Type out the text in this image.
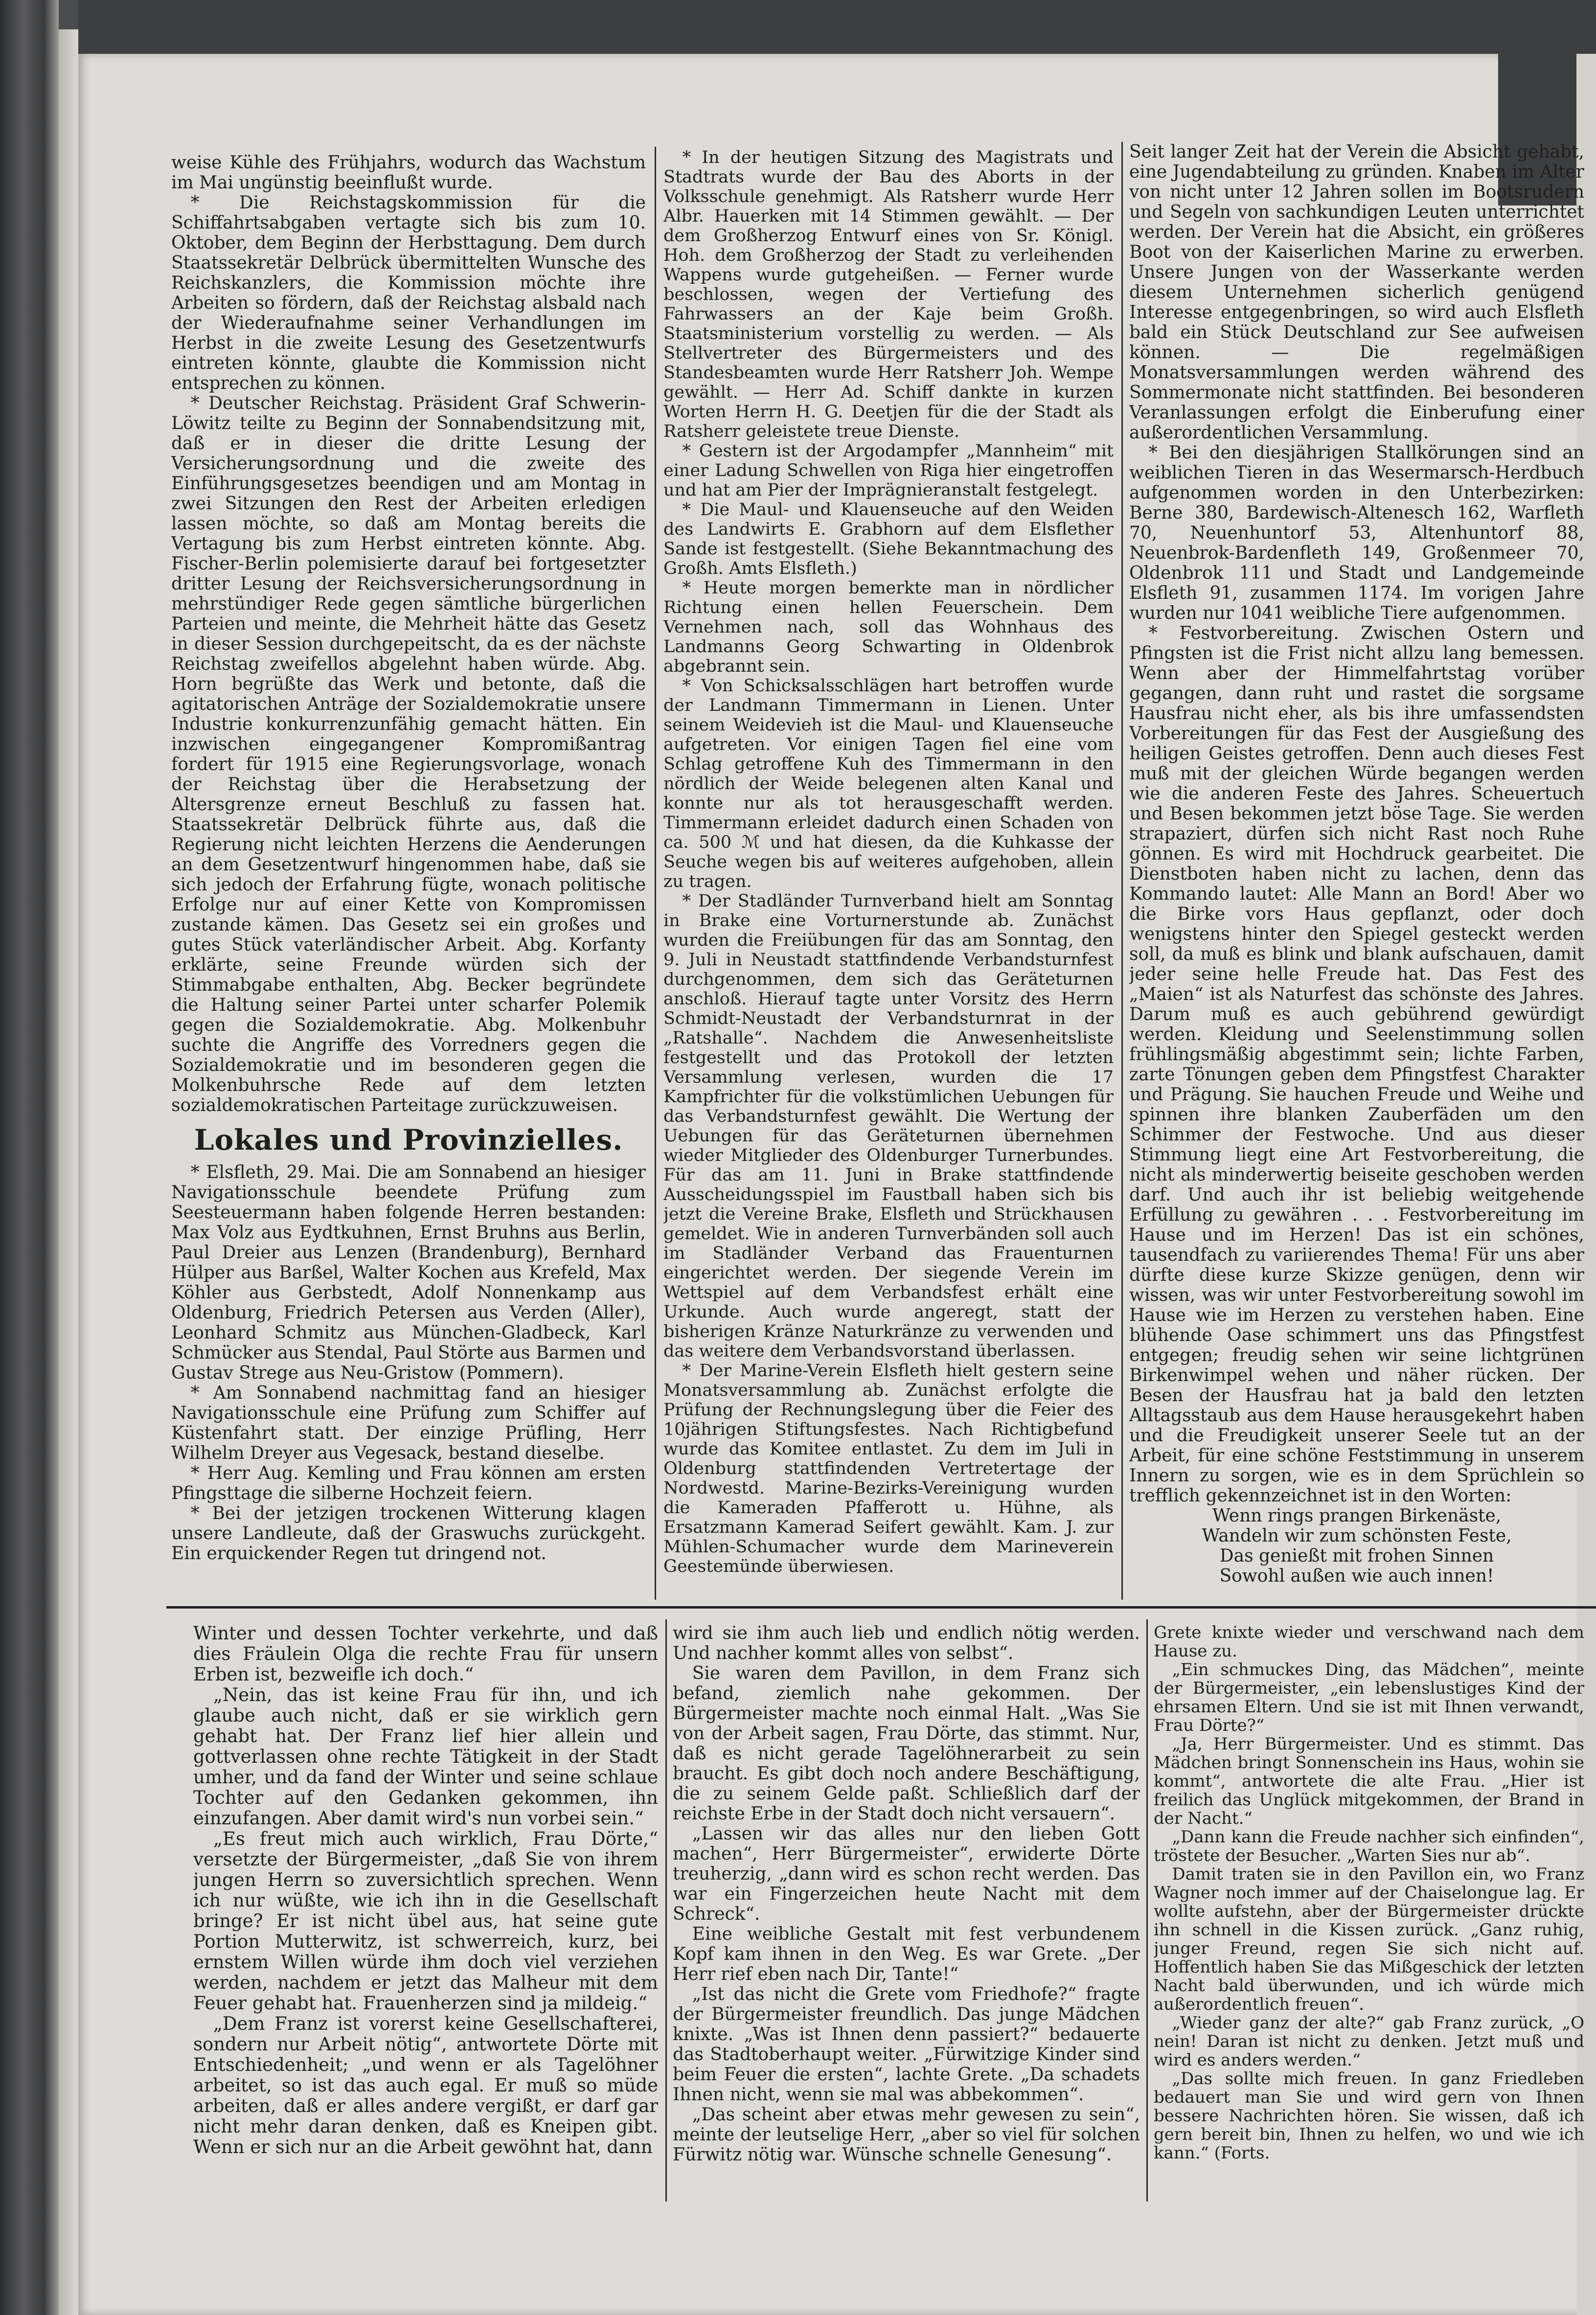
weise Kühle des Frühjahrs, wodurch das Wachstum im Mai ungünstig beeinflußt wurde.

* Die Reichstagskommission für die Schiffahrtsabgaben vertagte sich bis zum 10. Oktober, dem Beginn der Herbsttagung. Dem durch Staatssekretär Delbrück übermittelten Wunsche des Reichskanzlers, die Kommission möchte ihre Arbeiten so fördern, daß der Reichstag alsbald nach der Wiederaufnahme seiner Verhandlungen im Herbst in die zweite Lesung des Gesetzentwurfs eintreten könnte, glaubte die Kommission nicht entsprechen zu können.

* Deutscher Reichstag. Präsident Graf Schwerin-Löwitz teilte zu Beginn der Sonnabendsitzung mit, daß er in dieser die dritte Lesung der Versicherungsordnung und die zweite des Einführungsgesetzes beendigen und am Montag in zwei Sitzungen den Rest der Arbeiten erledigen lassen möchte, so daß am Montag bereits die Vertagung bis zum Herbst eintreten könnte. Abg. Fischer-Berlin polemisierte darauf bei fortgesetzter dritter Lesung der Reichsversicherungsordnung in mehrstündiger Rede gegen sämtliche bürgerlichen Parteien und meinte, die Mehrheit hätte das Gesetz in dieser Session durchgepeitscht, da es der nächste Reichstag zweifellos abgelehnt haben würde. Abg. Horn begrüßte das Werk und betonte, daß die agitatorischen Anträge der Sozialdemokratie unsere Industrie konkurrenzunfähig gemacht hätten. Ein inzwischen eingegangener Kompromißantrag fordert für 1915 eine Regierungsvorlage, wonach der Reichstag über die Herabsetzung der Altersgrenze erneut Beschluß zu fassen hat. Staatssekretär Delbrück führte aus, daß die Regierung nicht leichten Herzens die Aenderungen an dem Gesetzentwurf hingenommen habe, daß sie sich jedoch der Erfahrung fügte, wonach politische Erfolge nur auf einer Kette von Kompromissen zustande kämen. Das Gesetz sei ein großes und gutes Stück vaterländischer Arbeit. Abg. Korfanty erklärte, seine Freunde würden sich der Stimmabgabe enthalten, Abg. Becker begründete die Haltung seiner Partei unter scharfer Polemik gegen die Sozialdemokratie. Abg. Molkenbuhr suchte die Angriffe des Vorredners gegen die Sozialdemokratie und im besonderen gegen die Molkenbuhrsche Rede auf dem letzten sozialdemokratischen Parteitage zurückzuweisen.

Lokales und Provinzielles.

* Elsfleth, 29. Mai. Die am Sonnabend an hiesiger Navigationsschule beendete Prüfung zum Seesteuermann haben folgende Herren bestanden: Max Volz aus Eydtkuhnen, Ernst Bruhns aus Berlin, Paul Dreier aus Lenzen (Brandenburg), Bernhard Hülper aus Barßel, Walter Kochen aus Krefeld, Max Köhler aus Gerbstedt, Adolf Nonnenkamp aus Oldenburg, Friedrich Petersen aus Verden (Aller), Leonhard Schmitz aus München-Gladbeck, Karl Schmücker aus Stendal, Paul Störte aus Barmen und Gustav Strege aus Neu-Gristow (Pommern).

* Am Sonnabend nachmittag fand an hiesiger Navigationsschule eine Prüfung zum Schiffer auf Küstenfahrt statt. Der einzige Prüfling, Herr Wilhelm Dreyer aus Vegesack, bestand dieselbe.

* Herr Aug. Kemling und Frau können am ersten Pfingsttage die silberne Hochzeit feiern.

* Bei der jetzigen trockenen Witterung klagen unsere Landleute, daß der Graswuchs zurückgeht. Ein erquickender Regen tut dringend not.

* In der heutigen Sitzung des Magistrats und Stadtrats wurde der Bau des Aborts in der Volksschule genehmigt. Als Ratsherr wurde Herr Albr. Hauerken mit 14 Stimmen gewählt. — Der dem Großherzog Entwurf eines von Sr. Königl. Hoh. dem Großherzog der Stadt zu verleihenden Wappens wurde gutgeheißen. — Ferner wurde beschlossen, wegen der Vertiefung des Fahrwassers an der Kaje beim Großh. Staatsministerium vorstellig zu werden. — Als Stellvertreter des Bürgermeisters und des Standesbeamten wurde Herr Ratsherr Joh. Wempe gewählt. — Herr Ad. Schiff dankte in kurzen Worten Herrn H. G. Deetjen für die der Stadt als Ratsherr geleistete treue Dienste.

* Gestern ist der Argodampfer „Mannheim“ mit einer Ladung Schwellen von Riga hier eingetroffen und hat am Pier der Imprägnieranstalt festgelegt.

* Die Maul- und Klauenseuche auf den Weiden des Landwirts E. Grabhorn auf dem Elsflether Sande ist festgestellt. (Siehe Bekanntmachung des Großh. Amts Elsfleth.)

* Heute morgen bemerkte man in nördlicher Richtung einen hellen Feuerschein. Dem Vernehmen nach, soll das Wohnhaus des Landmanns Georg Schwarting in Oldenbrok abgebrannt sein.

* Von Schicksalsschlägen hart betroffen wurde der Landmann Timmermann in Lienen. Unter seinem Weidevieh ist die Maul- und Klauenseuche aufgetreten. Vor einigen Tagen fiel eine vom Schlag getroffene Kuh des Timmermann in den nördlich der Weide belegenen alten Kanal und konnte nur als tot herausgeschafft werden. Timmermann erleidet dadurch einen Schaden von ca. 500 ℳ und hat diesen, da die Kuhkasse der Seuche wegen bis auf weiteres aufgehoben, allein zu tragen.

* Der Stadländer Turnverband hielt am Sonntag in Brake eine Vorturnerstunde ab. Zunächst wurden die Freiübungen für das am Sonntag, den 9. Juli in Neustadt stattfindende Verbandsturnfest durchgenommen, dem sich das Geräteturnen anschloß. Hierauf tagte unter Vorsitz des Herrn Schmidt-Neustadt der Verbandsturnrat in der „Ratshalle“. Nachdem die Anwesenheitsliste festgestellt und das Protokoll der letzten Versammlung verlesen, wurden die 17 Kampfrichter für die volkstümlichen Uebungen für das Verbandsturnfest gewählt. Die Wertung der Uebungen für das Geräteturnen übernehmen wieder Mitglieder des Oldenburger Turnerbundes. Für das am 11. Juni in Brake stattfindende Ausscheidungsspiel im Faustball haben sich bis jetzt die Vereine Brake, Elsfleth und Strückhausen gemeldet. Wie in anderen Turnverbänden soll auch im Stadländer Verband das Frauenturnen eingerichtet werden. Der siegende Verein im Wettspiel auf dem Verbandsfest erhält eine Urkunde. Auch wurde angeregt, statt der bisherigen Kränze Naturkränze zu verwenden und das weitere dem Verbandsvorstand überlassen.

* Der Marine-Verein Elsfleth hielt gestern seine Monatsversammlung ab. Zunächst erfolgte die Prüfung der Rechnungslegung über die Feier des 10jährigen Stiftungsfestes. Nach Richtigbefund wurde das Komitee entlastet. Zu dem im Juli in Oldenburg stattfindenden Vertretertage der Nordwestd. Marine-Bezirks-Vereinigung wurden die Kameraden Pfafferott u. Hühne, als Ersatzmann Kamerad Seifert gewählt. Kam. J. zur Mühlen-Schumacher wurde dem Marineverein Geestemünde überwiesen.

Seit langer Zeit hat der Verein die Absicht gehabt, eine Jugendabteilung zu gründen. Knaben im Alter von nicht unter 12 Jahren sollen im Bootsrudern und Segeln von sachkundigen Leuten unterrichtet werden. Der Verein hat die Absicht, ein größeres Boot von der Kaiserlichen Marine zu erwerben. Unsere Jungen von der Wasserkante werden diesem Unternehmen sicherlich genügend Interesse entgegenbringen, so wird auch Elsfleth bald ein Stück Deutschland zur See aufweisen können. — Die regelmäßigen Monatsversammlungen werden während des Sommermonate nicht stattfinden. Bei besonderen Veranlassungen erfolgt die Einberufung einer außerordentlichen Versammlung.

* Bei den diesjährigen Stallkörungen sind an weiblichen Tieren in das Wesermarsch-Herdbuch aufgenommen worden in den Unterbezirken: Berne 380, Bardewisch-Altenesch 162, Warfleth 70, Neuenhuntorf 53, Altenhuntorf 88, Neuenbrok-Bardenfleth 149, Großenmeer 70, Oldenbrok 111 und Stadt und Landgemeinde Elsfleth 91, zusammen 1174. Im vorigen Jahre wurden nur 1041 weibliche Tiere aufgenommen.

* Festvorbereitung. Zwischen Ostern und Pfingsten ist die Frist nicht allzu lang bemessen. Wenn aber der Himmelfahrtstag vorüber gegangen, dann ruht und rastet die sorgsame Hausfrau nicht eher, als bis ihre umfassendsten Vorbereitungen für das Fest der Ausgießung des heiligen Geistes getroffen. Denn auch dieses Fest muß mit der gleichen Würde begangen werden wie die anderen Feste des Jahres. Scheuertuch und Besen bekommen jetzt böse Tage. Sie werden strapaziert, dürfen sich nicht Rast noch Ruhe gönnen. Es wird mit Hochdruck gearbeitet. Die Dienstboten haben nicht zu lachen, denn das Kommando lautet: Alle Mann an Bord! Aber wo die Birke vors Haus gepflanzt, oder doch wenigstens hinter den Spiegel gesteckt werden soll, da muß es blink und blank aufschauen, damit jeder seine helle Freude hat. Das Fest des „Maien“ ist als Naturfest das schönste des Jahres. Darum muß es auch gebührend gewürdigt werden. Kleidung und Seelenstimmung sollen frühlingsmäßig abgestimmt sein; lichte Farben, zarte Tönungen geben dem Pfingstfest Charakter und Prägung. Sie hauchen Freude und Weihe und spinnen ihre blanken Zauberfäden um den Schimmer der Festwoche. Und aus dieser Stimmung liegt eine Art Festvorbereitung, die nicht als minderwertig beiseite geschoben werden darf. Und auch ihr ist beliebig weitgehende Erfüllung zu gewähren . . . Festvorbereitung im Hause und im Herzen! Das ist ein schönes, tausendfach zu variierendes Thema! Für uns aber dürfte diese kurze Skizze genügen, denn wir wissen, was wir unter Festvorbereitung sowohl im Hause wie im Herzen zu verstehen haben. Eine blühende Oase schimmert uns das Pfingstfest entgegen; freudig sehen wir seine lichtgrünen Birkenwimpel wehen und näher rücken. Der Besen der Hausfrau hat ja bald den letzten Alltagsstaub aus dem Hause herausgekehrt haben und die Freudigkeit unserer Seele tut an der Arbeit, für eine schöne Feststimmung in unserem Innern zu sorgen, wie es in dem Sprüchlein so trefflich gekennzeichnet ist in den Worten:

Wenn rings prangen Birkenäste,
Wandeln wir zum schönsten Feste,
Das genießt mit frohen Sinnen
Sowohl außen wie auch innen!

Winter und dessen Tochter verkehrte, und daß dies Fräulein Olga die rechte Frau für unsern Erben ist, bezweifle ich doch.“

„Nein, das ist keine Frau für ihn, und ich glaube auch nicht, daß er sie wirklich gern gehabt hat. Der Franz lief hier allein und gottverlassen ohne rechte Tätigkeit in der Stadt umher, und da fand der Winter und seine schlaue Tochter auf den Gedanken gekommen, ihn einzufangen. Aber damit wird's nun vorbei sein.“

„Es freut mich auch wirklich, Frau Dörte,“ versetzte der Bürgermeister, „daß Sie von ihrem jungen Herrn so zuversichtlich sprechen. Wenn ich nur wüßte, wie ich ihn in die Gesellschaft bringe? Er ist nicht übel aus, hat seine gute Portion Mutterwitz, ist schwerreich, kurz, bei ernstem Willen würde ihm doch viel verziehen werden, nachdem er jetzt das Malheur mit dem Feuer gehabt hat. Frauenherzen sind ja mildeig.“

„Dem Franz ist vorerst keine Gesellschafterei, sondern nur Arbeit nötig“, antwortete Dörte mit Entschiedenheit; „und wenn er als Tagelöhner arbeitet, so ist das auch egal. Er muß so müde arbeiten, daß er alles andere vergißt, er darf gar nicht mehr daran denken, daß es Kneipen gibt. Wenn er sich nur an die Arbeit gewöhnt hat, dann

wird sie ihm auch lieb und endlich nötig werden. Und nachher kommt alles von selbst“.

Sie waren dem Pavillon, in dem Franz sich befand, ziemlich nahe gekommen. Der Bürgermeister machte noch einmal Halt. „Was Sie von der Arbeit sagen, Frau Dörte, das stimmt. Nur, daß es nicht gerade Tagelöhnerarbeit zu sein braucht. Es gibt doch noch andere Beschäftigung, die zu seinem Gelde paßt. Schließlich darf der reichste Erbe in der Stadt doch nicht versauern“.

„Lassen wir das alles nur den lieben Gott machen“, Herr Bürgermeister“, erwiderte Dörte treuherzig, „dann wird es schon recht werden. Das war ein Fingerzeichen heute Nacht mit dem Schreck“.

Eine weibliche Gestalt mit fest verbundenem Kopf kam ihnen in den Weg. Es war Grete. „Der Herr rief eben nach Dir, Tante!“

„Ist das nicht die Grete vom Friedhofe?“ fragte der Bürgermeister freundlich. Das junge Mädchen knixte. „Was ist Ihnen denn passiert?“ bedauerte das Stadtoberhaupt weiter. „Fürwitzige Kinder sind beim Feuer die ersten“, lachte Grete. „Da schadets Ihnen nicht, wenn sie mal was abbekommen“.

„Das scheint aber etwas mehr gewesen zu sein“, meinte der leutselige Herr, „aber so viel für solchen Fürwitz nötig war. Wünsche schnelle Genesung“.

Grete knixte wieder und verschwand nach dem Hause zu.

„Ein schmuckes Ding, das Mädchen“, meinte der Bürgermeister, „ein lebenslustiges Kind der ehrsamen Eltern. Und sie ist mit Ihnen verwandt, Frau Dörte?“

„Ja, Herr Bürgermeister. Und es stimmt. Das Mädchen bringt Sonnenschein ins Haus, wohin sie kommt“, antwortete die alte Frau. „Hier ist freilich das Unglück mitgekommen, der Brand in der Nacht.“

„Dann kann die Freude nachher sich einfinden“, tröstete der Besucher. „Warten Sies nur ab“.

Damit traten sie in den Pavillon ein, wo Franz Wagner noch immer auf der Chaiselongue lag. Er wollte aufstehn, aber der Bürgermeister drückte ihn schnell in die Kissen zurück. „Ganz ruhig, junger Freund, regen Sie sich nicht auf. Hoffentlich haben Sie das Mißgeschick der letzten Nacht bald überwunden, und ich würde mich außerordentlich freuen“.

„Wieder ganz der alte?“ gab Franz zurück, „O nein! Daran ist nicht zu denken. Jetzt muß und wird es anders werden.“

„Das sollte mich freuen. In ganz Friedleben bedauert man Sie und wird gern von Ihnen bessere Nachrichten hören. Sie wissen, daß ich gern bereit bin, Ihnen zu helfen, wo und wie ich kann.“ (Forts.
